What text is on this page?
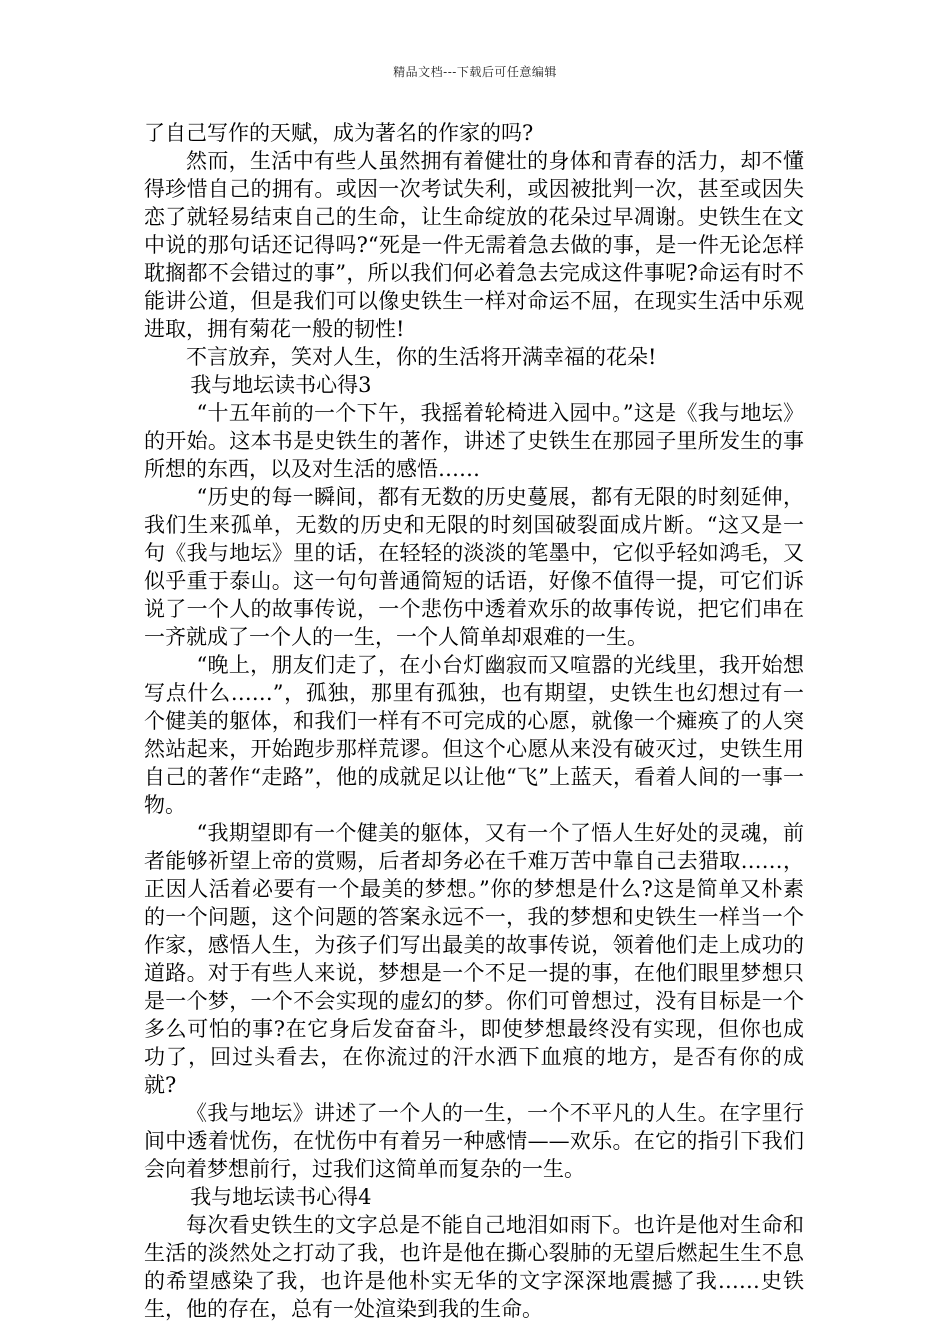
精品文档---下载后可任意编辑

了自己写作的天赋，成为著名的作家的吗?

然而，生活中有些人虽然拥有着健壮的身体和青春的活力，却不懂得珍惜自己的拥有。或因一次考试失利，或因被批判一次，甚至或因失恋了就轻易结束自己的生命，让生命绽放的花朵过早凋谢。史铁生在文中说的那句话还记得吗?“死是一件无需着急去做的事，是一件无论怎样耽搁都不会错过的事”，所以我们何必着急去完成这件事呢?命运有时不能讲公道，但是我们可以像史铁生一样对命运不屈，在现实生活中乐观进取，拥有菊花一般的韧性!

不言放弃，笑对人生，你的生活将开满幸福的花朵!

我与地坛读书心得3

“十五年前的一个下午，我摇着轮椅进入园中。”这是《我与地坛》的开始。这本书是史铁生的著作，讲述了史铁生在那园子里所发生的事所想的东西，以及对生活的感悟……

“历史的每一瞬间，都有无数的历史蔓展，都有无限的时刻延伸，我们生来孤单，无数的历史和无限的时刻国破裂面成片断。“这又是一句《我与地坛》里的话，在轻轻的淡淡的笔墨中，它似乎轻如鸿毛，又似乎重于泰山。这一句句普通简短的话语，好像不值得一提，可它们诉说了一个人的故事传说，一个悲伤中透着欢乐的故事传说，把它们串在一齐就成了一个人的一生，一个人简单却艰难的一生。

“晚上，朋友们走了，在小台灯幽寂而又喧嚣的光线里，我开始想写点什么……”，孤独，那里有孤独，也有期望，史铁生也幻想过有一个健美的躯体，和我们一样有不可完成的心愿，就像一个瘫痪了的人突然站起来，开始跑步那样荒谬。但这个心愿从来没有破灭过，史铁生用自己的著作“走路”，他的成就足以让他“飞”上蓝天，看着人间的一事一物。

“我期望即有一个健美的躯体，又有一个了悟人生好处的灵魂，前者能够祈望上帝的赏赐，后者却务必在千难万苦中靠自己去猎取……，正因人活着必要有一个最美的梦想。”你的梦想是什么?这是简单又朴素的一个问题，这个问题的答案永远不一，我的梦想和史铁生一样当一个作家，感悟人生，为孩子们写出最美的故事传说，领着他们走上成功的道路。对于有些人来说，梦想是一个不足一提的事，在他们眼里梦想只是一个梦，一个不会实现的虚幻的梦。你们可曾想过，没有目标是一个多么可怕的事?在它身后发奋奋斗，即使梦想最终没有实现，但你也成功了，回过头看去，在你流过的汗水洒下血痕的地方，是否有你的成就?

《我与地坛》讲述了一个人的一生，一个不平凡的人生。在字里行间中透着忧伤，在忧伤中有着另一种感情——欢乐。在它的指引下我们会向着梦想前行，过我们这简单而复杂的一生。

我与地坛读书心得4

每次看史铁生的文字总是不能自己地泪如雨下。也许是他对生命和生活的淡然处之打动了我，也许是他在撕心裂肺的无望后燃起生生不息的希望感染了我，也许是他朴实无华的文字深深地震撼了我……史铁生，他的存在，总有一处渲染到我的生命。
